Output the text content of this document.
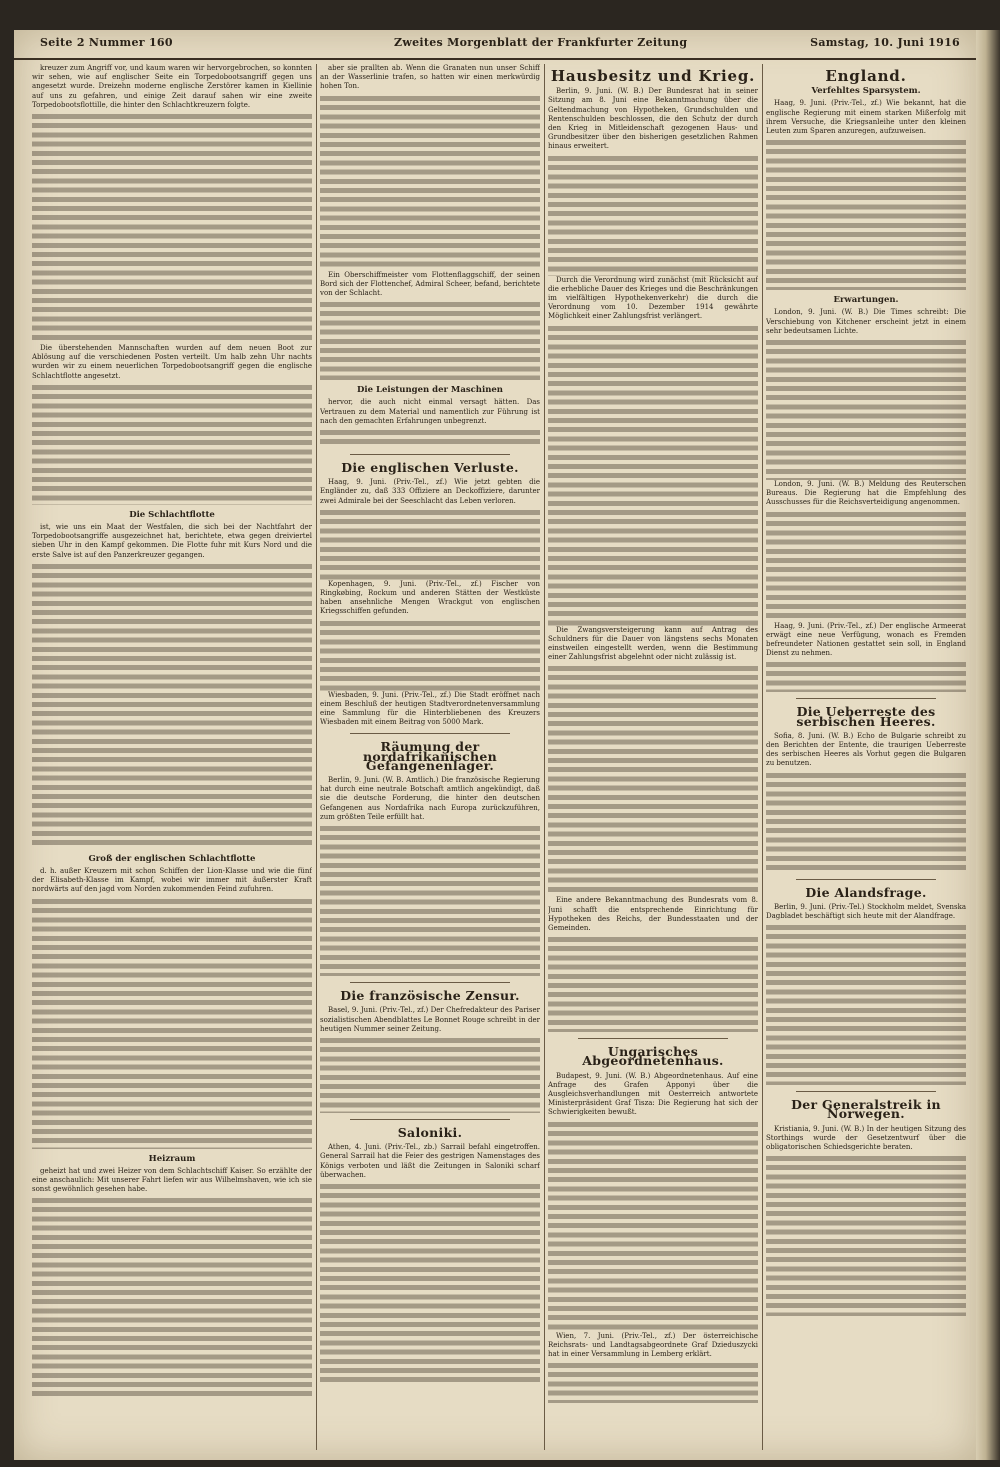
Seite 2 Nummer 160	Zweites Morgenblatt der Frankfurter Zeitung	Samstag, 10. Juni 1916

kreuzer zum Angriff vor, und kaum waren wir hervorgebrochen, so konnten wir sehen, wie auf englischer Seite ein Torpedobootsangriff gegen uns angesetzt wurde. Dreizehn moderne englische Zerstörer kamen in Kiellinie auf uns zu gefahren, und einige Zeit darauf sahen wir eine zweite Torpedobootsflottille, die hinter den Schlachtkreuzern folgte.

Die überstehenden Mannschaften wurden auf dem neuen Boot zur Ablösung auf die verschiedenen Posten verteilt. Um halb zehn Uhr nachts wurden wir zu einem neuerlichen Torpedobootsangriff gegen die englische Schlachtflotte angesetzt.

Die Schlachtflotte

ist, wie uns ein Maat der Westfalen, die sich bei der Nachtfahrt der Torpedobootsangriffe ausgezeichnet hat, berichtete, etwa gegen dreiviertel sieben Uhr in den Kampf gekommen. Die Flotte fuhr mit Kurs Nord und die erste Salve ist auf den Panzerkreuzer gegangen.

Groß der englischen Schlachtflotte

d. h. außer Kreuzern mit schon Schiffen der Lion-Klasse und wie die fünf der Elisabeth-Klasse im Kampf, wobei wir immer mit äußerster Kraft nordwärts auf den jagd vom Norden zukommenden Feind zufuhren.

Heizraum

geheizt hat und zwei Heizer von dem Schlachtschiff Kaiser. So erzählte der eine anschaulich: Mit unserer Fahrt liefen wir aus Wilhelmshaven, wie ich sie sonst gewöhnlich gesehen habe.

aber sie prallten ab. Wenn die Granaten nun unser Schiff an der Wasserlinie trafen, so hatten wir einen merkwürdig hohen Ton.

Ein Oberschiffmeister vom Flottenflaggschiff, der seinen Bord sich der Flottenchef, Admiral Scheer, befand, berichtete von der Schlacht.

Die Leistungen der Maschinen

hervor, die auch nicht einmal versagt hätten. Das Vertrauen zu dem Material und namentlich zur Führung ist nach den gemachten Erfahrungen unbegrenzt.

Die englischen Verluste.

Haag, 9. Juni. (Priv.-Tel., zf.) Wie jetzt gebten die Engländer zu, daß 333 Offiziere an Deckoffiziere, darunter zwei Admirale bei der Seeschlacht das Leben verloren.

Kopenhagen, 9. Juni. (Priv.-Tel., zf.) Fischer von Ringkøbing, Rockum und anderen Stätten der Westküste haben ansehnliche Mengen Wrackgut von englischen Kriegsschiffen gefunden.

Wiesbaden, 9. Juni. (Priv.-Tel., zf.) Die Stadt eröffnet nach einem Beschluß der heutigen Stadtverordnetenversammlung eine Sammlung für die Hinterbliebenen des Kreuzers Wiesbaden mit einem Beitrag von 5000 Mark.

Räumung der nordafrikanischen Gefangenenlager.

Berlin, 9. Juni. (W. B. Amtlich.) Die französische Regierung hat durch eine neutrale Botschaft amtlich angekündigt, daß sie die deutsche Forderung, die hinter den deutschen Gefangenen aus Nordafrika nach Europa zurückzuführen, zum größten Teile erfüllt hat.

Die französische Zensur.

Basel, 9. Juni. (Priv.-Tel., zf.) Der Chefredakteur des Pariser sozialistischen Abendblattes Le Bonnet Rouge schreibt in der heutigen Nummer seiner Zeitung.

Saloniki.

Athen, 4. Juni. (Priv.-Tel., zb.) Sarrail befahl eingetroffen. General Sarrail hat die Feier des gestrigen Namenstages des Königs verboten und läßt die Zeitungen in Saloniki scharf überwachen.

Hausbesitz und Krieg.

Berlin, 9. Juni. (W. B.) Der Bundesrat hat in seiner Sitzung am 8. Juni eine Bekanntmachung über die Geltendmachung von Hypotheken, Grundschulden und Rentenschulden beschlossen, die den Schutz der durch den Krieg in Mitleidenschaft gezogenen Haus- und Grundbesitzer über den bisherigen gesetzlichen Rahmen hinaus erweitert.

Durch die Verordnung wird zunächst (mit Rücksicht auf die erhebliche Dauer des Krieges und die Beschränkungen im vielfältigen Hypothekenverkehr) die durch die Verordnung vom 10. Dezember 1914 gewährte Möglichkeit einer Zahlungsfrist verlängert.

Die Zwangsversteigerung kann auf Antrag des Schuldners für die Dauer von längstens sechs Monaten einstweilen eingestellt werden, wenn die Bestimmung einer Zahlungsfrist abgelehnt oder nicht zulässig ist.

Eine andere Bekanntmachung des Bundesrats vom 8. Juni schafft die entsprechende Einrichtung für Hypotheken des Reichs, der Bundesstaaten und der Gemeinden.

Ungarisches Abgeordnetenhaus.

Budapest, 9. Juni. (W. B.) Abgeordnetenhaus. Auf eine Anfrage des Grafen Apponyi über die Ausgleichsverhandlungen mit Oesterreich antwortete Ministerpräsident Graf Tisza: Die Regierung hat sich der Schwierigkeiten bewußt.

Wien, 7. Juni. (Priv.-Tel., zf.) Der österreichische Reichsrats- und Landtagsabgeordnete Graf Dzieduszycki hat in einer Versammlung in Lemberg erklärt.

England.
Verfehltes Sparsystem.

Haag, 9. Juni. (Priv.-Tel., zf.) Wie bekannt, hat die englische Regierung mit einem starken Mißerfolg mit ihrem Versuche, die Kriegsanleihe unter den kleinen Leuten zum Sparen anzuregen, aufzuweisen.

Erwartungen.

London, 9. Juni. (W. B.) Die Times schreibt: Die Verschiebung von Kitchener erscheint jetzt in einem sehr bedeutsamen Lichte.

London, 9. Juni. (W. B.) Meldung des Reuterschen Bureaus. Die Regierung hat die Empfehlung des Ausschusses für die Reichsverteidigung angenommen.

Haag, 9. Juni. (Priv.-Tel., zf.) Der englische Armeerat erwägt eine neue Verfügung, wonach es Fremden befreundeter Nationen gestattet sein soll, in England Dienst zu nehmen.

Die Ueberreste des serbischen Heeres.

Sofia, 8. Juni. (W. B.) Echo de Bulgarie schreibt zu den Berichten der Entente, die traurigen Ueberreste des serbischen Heeres als Vorhut gegen die Bulgaren zu benutzen.

Die Alandsfrage.

Berlin, 9. Juni. (Priv.-Tel.) Stockholm meldet, Svenska Dagbladet beschäftigt sich heute mit der Alandfrage.

Der Generalstreik in Norwegen.

Kristiania, 9. Juni. (W. B.) In der heutigen Sitzung des Storthings wurde der Gesetzentwurf über die obligatorischen Schiedsgerichte beraten.
